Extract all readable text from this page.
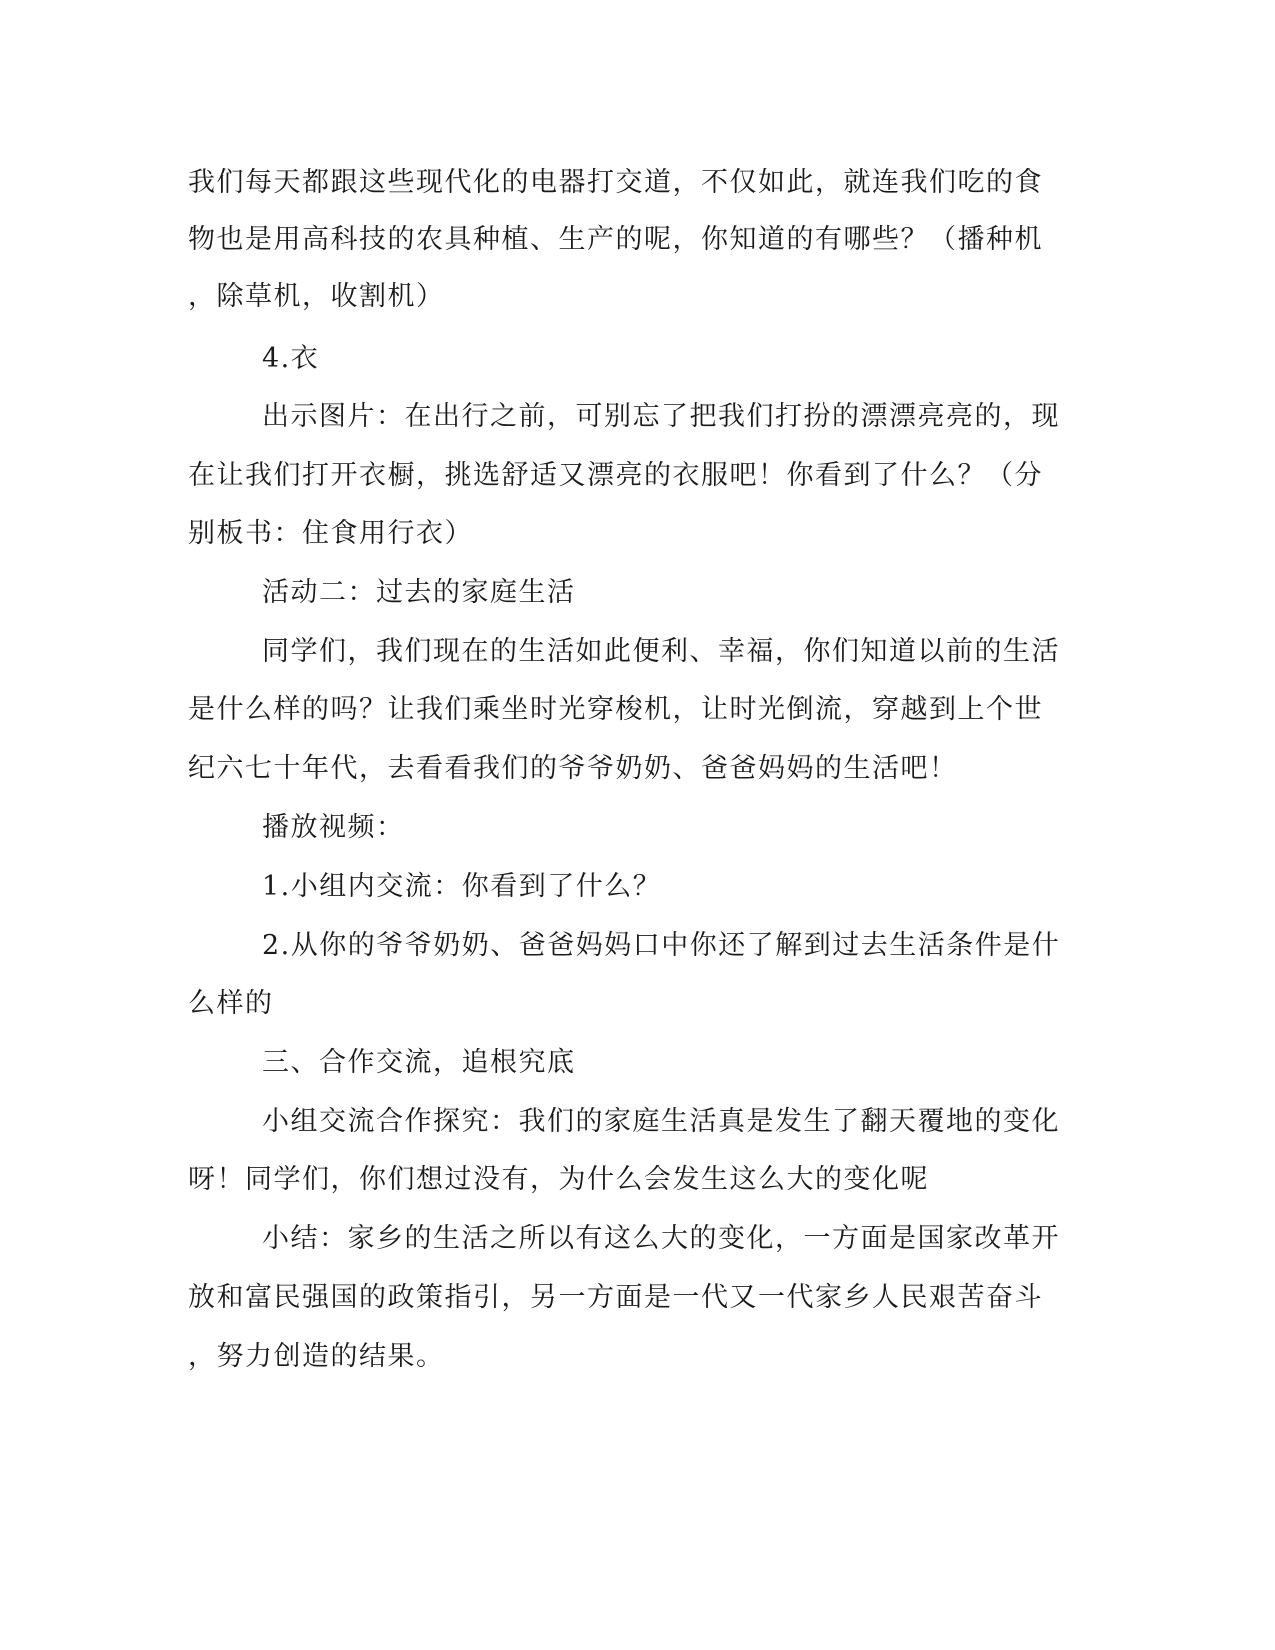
我们每天都跟这些现代化的电器打交道，不仅如此，就连我们吃的食
物也是用高科技的农具种植、生产的呢，你知道的有哪些？（播种机
，除草机，收割机）
4.衣
出示图片：在出行之前，可别忘了把我们打扮的漂漂亮亮的，现
在让我们打开衣橱，挑选舒适又漂亮的衣服吧！你看到了什么？（分
别板书：住食用行衣）
活动二：过去的家庭生活
同学们，我们现在的生活如此便利、幸福，你们知道以前的生活
是什么样的吗？让我们乘坐时光穿梭机，让时光倒流，穿越到上个世
纪六七十年代，去看看我们的爷爷奶奶、爸爸妈妈的生活吧！
播放视频：
1.小组内交流：你看到了什么？
2.从你的爷爷奶奶、爸爸妈妈口中你还了解到过去生活条件是什
么样的
三、合作交流，追根究底
小组交流合作探究：我们的家庭生活真是发生了翻天覆地的变化
呀！同学们，你们想过没有，为什么会发生这么大的变化呢
小结：家乡的生活之所以有这么大的变化，一方面是国家改革开
放和富民强国的政策指引，另一方面是一代又一代家乡人民艰苦奋斗
，努力创造的结果。
